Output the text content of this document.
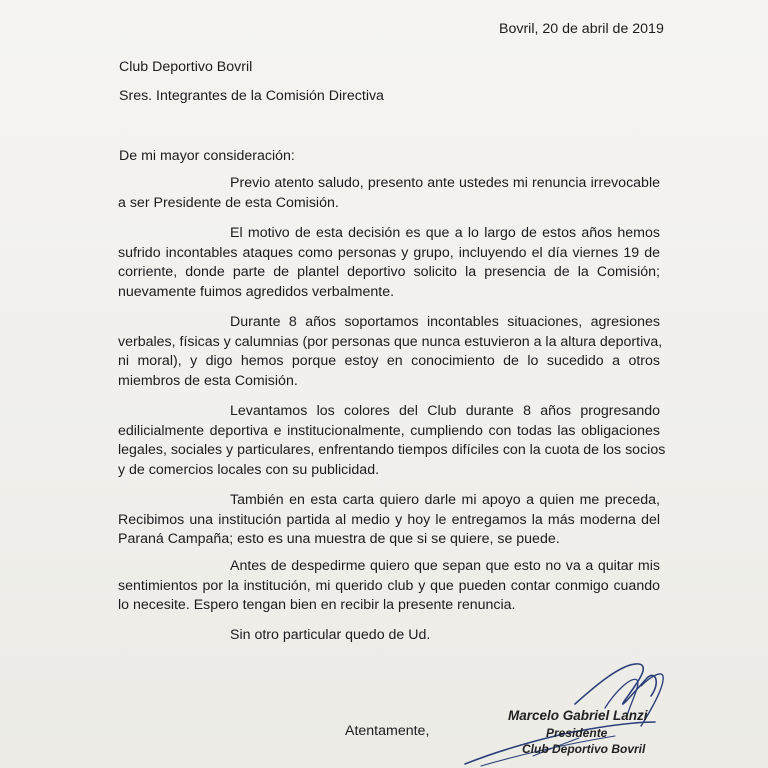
Bovril, 20 de abril de 2019
Club Deportivo Bovril
Sres. Integrantes de la Comisión Directiva
De mi mayor consideración:
Previo atento saludo, presento ante ustedes mi renuncia irrevocable
a ser Presidente de esta Comisión.
El motivo de esta decisión es que a lo largo de estos años hemos
sufrido incontables ataques como personas y grupo, incluyendo el día viernes 19 de
corriente, donde parte de plantel deportivo solicito la presencia de la Comisión;
nuevamente fuimos agredidos verbalmente.
Durante 8 años soportamos incontables situaciones, agresiones
verbales, físicas y calumnias (por personas que nunca estuvieron a la altura deportiva,
ni moral), y digo hemos porque estoy en conocimiento de lo sucedido a otros
miembros de esta Comisión.
Levantamos los colores del Club durante 8 años progresando
edilicialmente deportiva e institucionalmente, cumpliendo con todas las obligaciones
legales, sociales y particulares, enfrentando tiempos difíciles con la cuota de los socios
y de comercios locales con su publicidad.
También en esta carta quiero darle mi apoyo a quien me preceda,
Recibimos una institución partida al medio y hoy le entregamos la más moderna del
Paraná Campaña; esto es una muestra de que si se quiere, se puede.
Antes de despedirme quiero que sepan que esto no va a quitar mis
sentimientos por la institución, mi querido club y que pueden contar conmigo cuando
lo necesite. Espero tengan bien en recibir la presente renuncia.
Sin otro particular quedo de Ud.
Atentamente,
Marcelo Gabriel Lanzi
Presidente
Club Deportivo Bovril
